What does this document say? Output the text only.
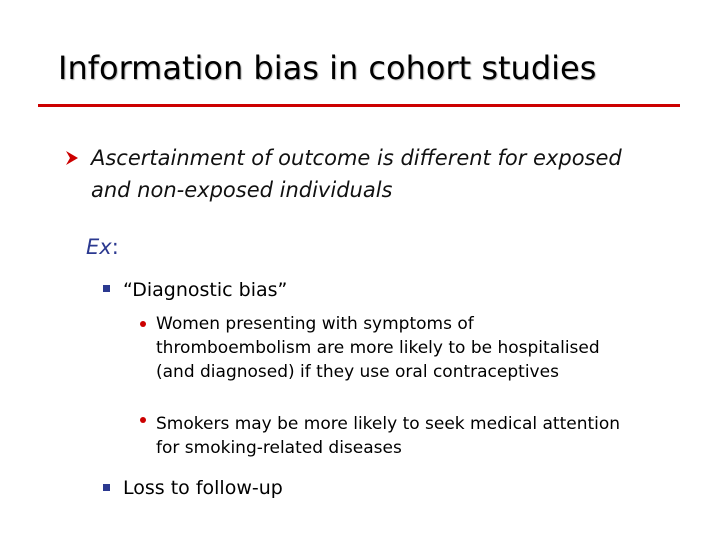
Information bias in cohort studies
Ascertainment of outcome is different for exposed and non-exposed individuals
Ex:
“Diagnostic bias”
Women presenting with symptoms of thromboembolism are more likely to be hospitalised (and diagnosed) if they use oral contraceptives
Smokers may be more likely to seek medical attention for smoking-related diseases
Loss to follow-up
